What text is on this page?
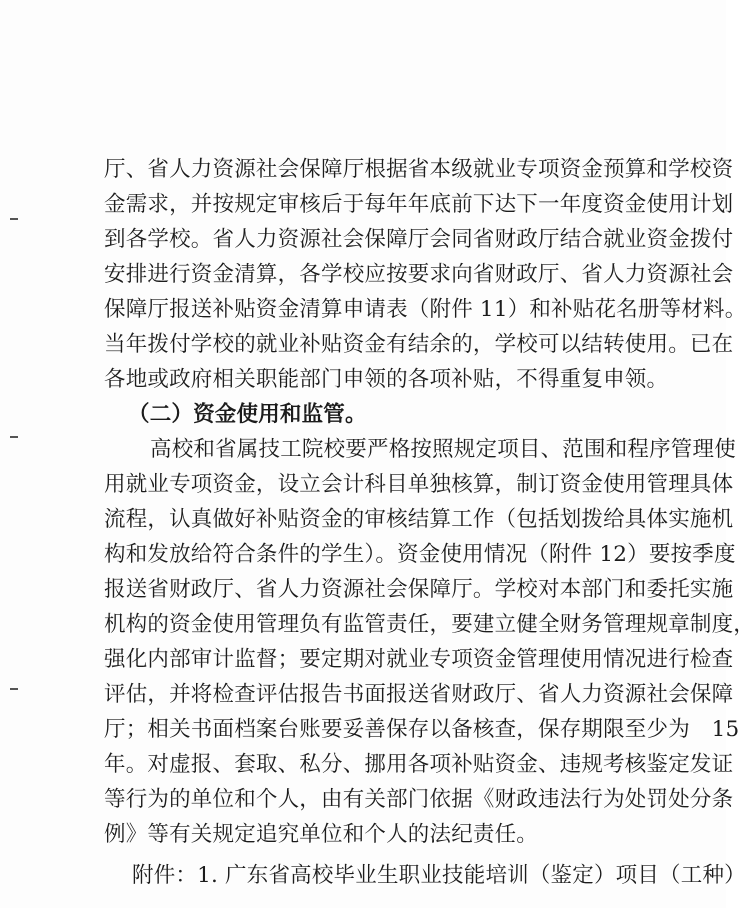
厅、省人力资源社会保障厅根据省本级就业专项资金预算和学校资
金需求，并按规定审核后于每年年底前下达下一年度资金使用计划
到各学校。省人力资源社会保障厅会同省财政厅结合就业资金拨付
安排进行资金清算，各学校应按要求向省财政厅、省人力资源社会
保障厅报送补贴资金清算申请表（附件 11）和补贴花名册等材料。
当年拨付学校的就业补贴资金有结余的，学校可以结转使用。已在
各地或政府相关职能部门申领的各项补贴，不得重复申领。
（二）资金使用和监管。
高校和省属技工院校要严格按照规定项目、范围和程序管理使
用就业专项资金，设立会计科目单独核算，制订资金使用管理具体
流程，认真做好补贴资金的审核结算工作（包括划拨给具体实施机
构和发放给符合条件的学生）。资金使用情况（附件 12）要按季度
报送省财政厅、省人力资源社会保障厅。学校对本部门和委托实施
机构的资金使用管理负有监管责任，要建立健全财务管理规章制度，
强化内部审计监督；要定期对就业专项资金管理使用情况进行检查
评估，并将检查评估报告书面报送省财政厅、省人力资源社会保障
厅；相关书面档案台账要妥善保存以备核查，保存期限至少为　15
年。对虚报、套取、私分、挪用各项补贴资金、违规考核鉴定发证
等行为的单位和个人，由有关部门依据《财政违法行为处罚处分条
例》等有关规定追究单位和个人的法纪责任。
附件：1. 广东省高校毕业生职业技能培训（鉴定）项目（工种）
